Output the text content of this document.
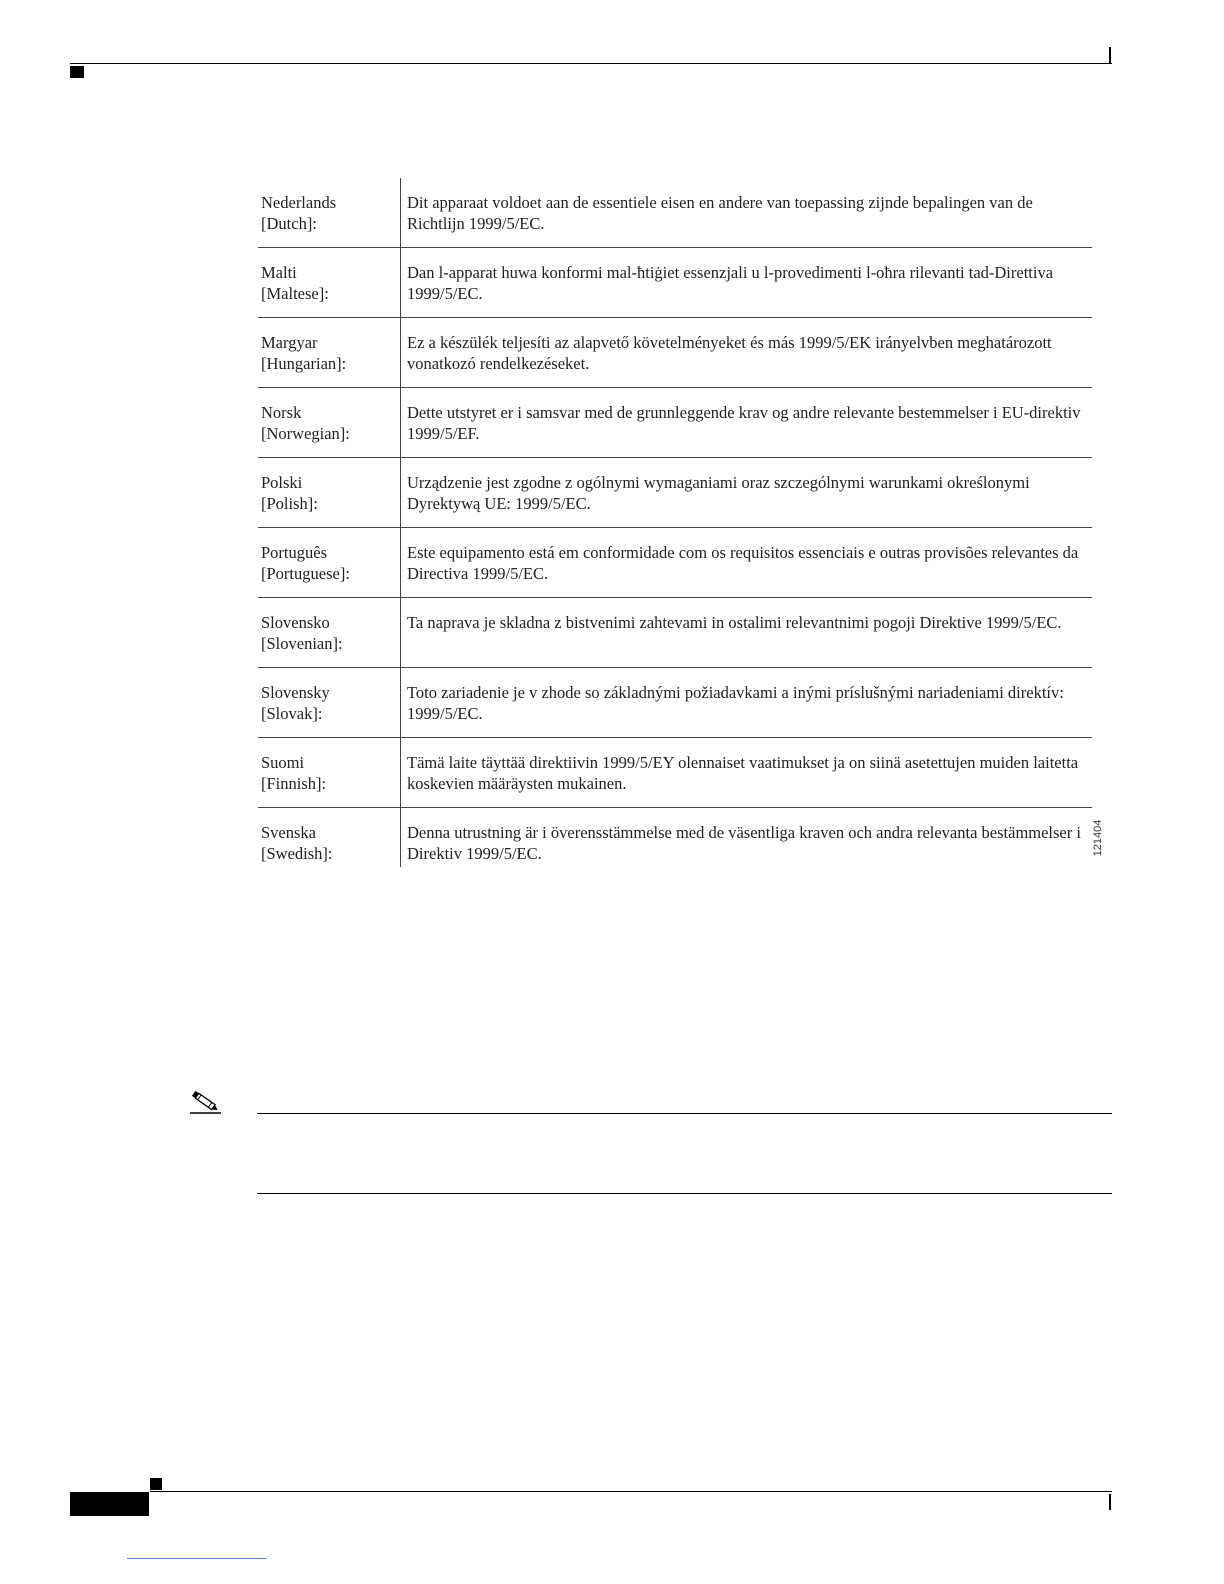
Nederlands
[Dutch]:
Dit apparaat voldoet aan de essentiele eisen en andere van toepassing zijnde bepalingen van de Richtlijn 1999/5/EC.
Malti
[Maltese]:
Dan l-apparat huwa konformi mal-ħtiġiet essenzjali u l-provedimenti l-oħra rilevanti tad-Direttiva 1999/5/EC.
Margyar
[Hungarian]:
Ez a készülék teljesíti az alapvető követelményeket és más 1999/5/EK irányelvben meghatározott vonatkozó rendelkezéseket.
Norsk
[Norwegian]:
Dette utstyret er i samsvar med de grunnleggende krav og andre relevante bestemmelser i EU-direktiv 1999/5/EF.
Polski
[Polish]:
Urządzenie jest zgodne z ogólnymi wymaganiami oraz szczególnymi warunkami określonymi Dyrektywą UE: 1999/5/EC.
Português
[Portuguese]:
Este equipamento está em conformidade com os requisitos essenciais e outras provisões relevantes da Directiva 1999/5/EC.
Slovensko
[Slovenian]:
Ta naprava je skladna z bistvenimi zahtevami in ostalimi relevantnimi pogoji Direktive 1999/5/EC.
Slovensky
[Slovak]:
Toto zariadenie je v zhode so základnými požiadavkami a inými príslušnými nariadeniami direktív: 1999/5/EC.
Suomi
[Finnish]:
Tämä laite täyttää direktiivin 1999/5/EY olennaiset vaatimukset ja on siinä asetettujen muiden laitetta koskevien määräysten mukainen.
Svenska
[Swedish]:
Denna utrustning är i överensstämmelse med de väsentliga kraven och andra relevanta bestämmelser i Direktiv 1999/5/EC.	121404
